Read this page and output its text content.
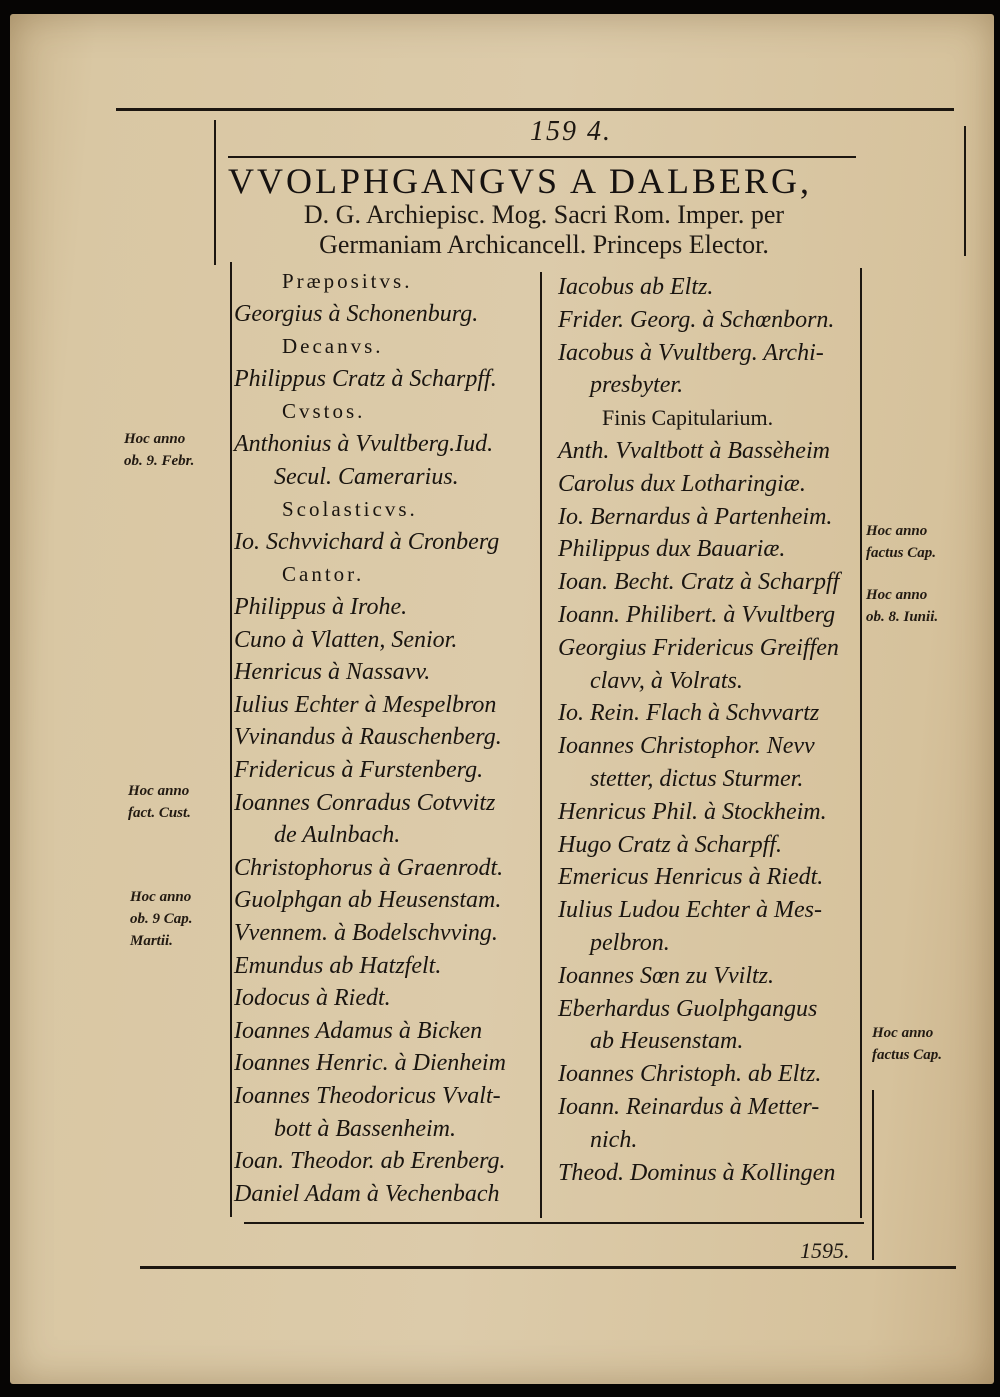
159 4.
VVOLPHGANGVS A DALBERG,
D. G. Archiepisc. Mog. Sacri Rom. Imper. per
Germaniam Archicancell. Princeps Elector.
Præpositvs.
Georgius à Schonenburg.
Decanvs.
Philippus Cratz à Scharpff.
Cvstos.
Anthonius à Vvultberg.Iud.
Secul. Camerarius.
Scolasticvs.
Io. Schvvichard à Cronberg
Cantor.
Philippus à Irohe.
Cuno à Vlatten, Senior.
Henricus à Nassavv.
Iulius Echter à Mespelbron
Vvinandus à Rauschenberg.
Fridericus à Furstenberg.
Ioannes Conradus Cotvvitz
de Aulnbach.
Christophorus à Graenrodt.
Guolphgan ab Heusenstam.
Vvennem. à Bodelschvving.
Emundus ab Hatzfelt.
Iodocus à Riedt.
Ioannes Adamus à Bicken
Ioannes Henric. à Dienheim
Ioannes Theodoricus Vvalt-
bott à Bassenheim.
Ioan. Theodor. ab Erenberg.
Daniel Adam à Vechenbach
Iacobus ab Eltz.
Frider. Georg. à Schœnborn.
Iacobus à Vvultberg. Archi-
presbyter.
Finis Capitularium.
Anth. Vvaltbott à Bassèheim
Carolus dux Lotharingiæ.
Io. Bernardus à Partenheim.
Philippus dux Bauariæ.
Ioan. Becht. Cratz à Scharpff
Ioann. Philibert. à Vvultberg
Georgius Fridericus Greiffen
clavv, à Volrats.
Io. Rein. Flach à Schvvartz
Ioannes Christophor. Nevv
stetter, dictus Sturmer.
Henricus Phil. à Stockheim.
Hugo Cratz à Scharpff.
Emericus Henricus à Riedt.
Iulius Ludou Echter à Mes-
pelbron.
Ioannes Sœn zu Vviltz.
Eberhardus Guolphgangus
ab Heusenstam.
Ioannes Christoph. ab Eltz.
Ioann. Reinardus à Metter-
nich.
Theod. Dominus à Kollingen
Hoc anno
ob. 9. Febr.
Hoc anno
fact. Cust.
Hoc anno
ob. 9 Cap.
Martii.
Hoc anno
factus Cap.
Hoc anno
ob. 8. Iunii.
Hoc anno
factus Cap.
1595.
